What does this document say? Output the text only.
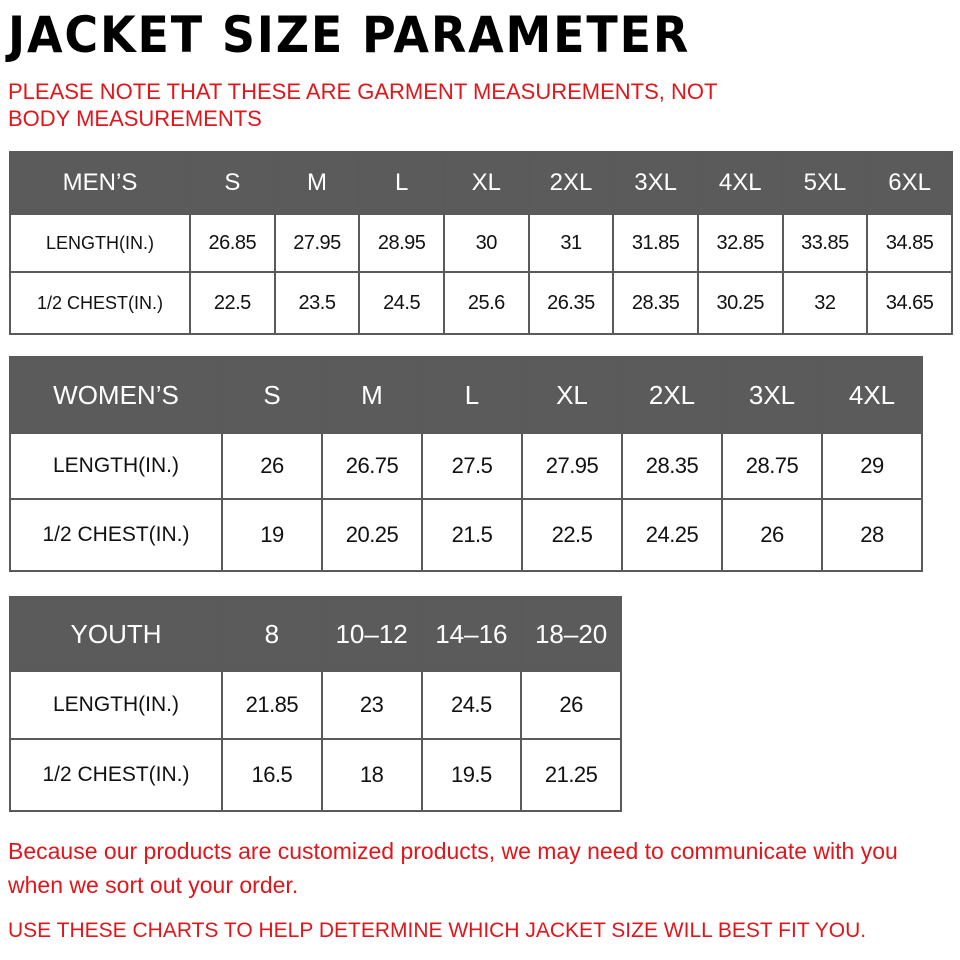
JACKET SIZE PARAMETER
PLEASE NOTE THAT THESE ARE GARMENT MEASUREMENTS, NOT BODY MEASUREMENTS
MEN’S	S	M	L	XL	2XL	3XL	4XL	5XL	6XL
LENGTH(IN.)	26.85	27.95	28.95	30	31	31.85	32.85	33.85	34.85
1/2 CHEST(IN.)	22.5	23.5	24.5	25.6	26.35	28.35	30.25	32	34.65
WOMEN’S	S	M	L	XL	2XL	3XL	4XL
LENGTH(IN.)	26	26.75	27.5	27.95	28.35	28.75	29
1/2 CHEST(IN.)	19	20.25	21.5	22.5	24.25	26	28
YOUTH	8	10–12	14–16	18–20
LENGTH(IN.)	21.85	23	24.5	26
1/2 CHEST(IN.)	16.5	18	19.5	21.25
Because our products are customized products, we may need to communicate with you when we sort out your order.
USE THESE CHARTS TO HELP DETERMINE WHICH JACKET SIZE WILL BEST FIT YOU.
